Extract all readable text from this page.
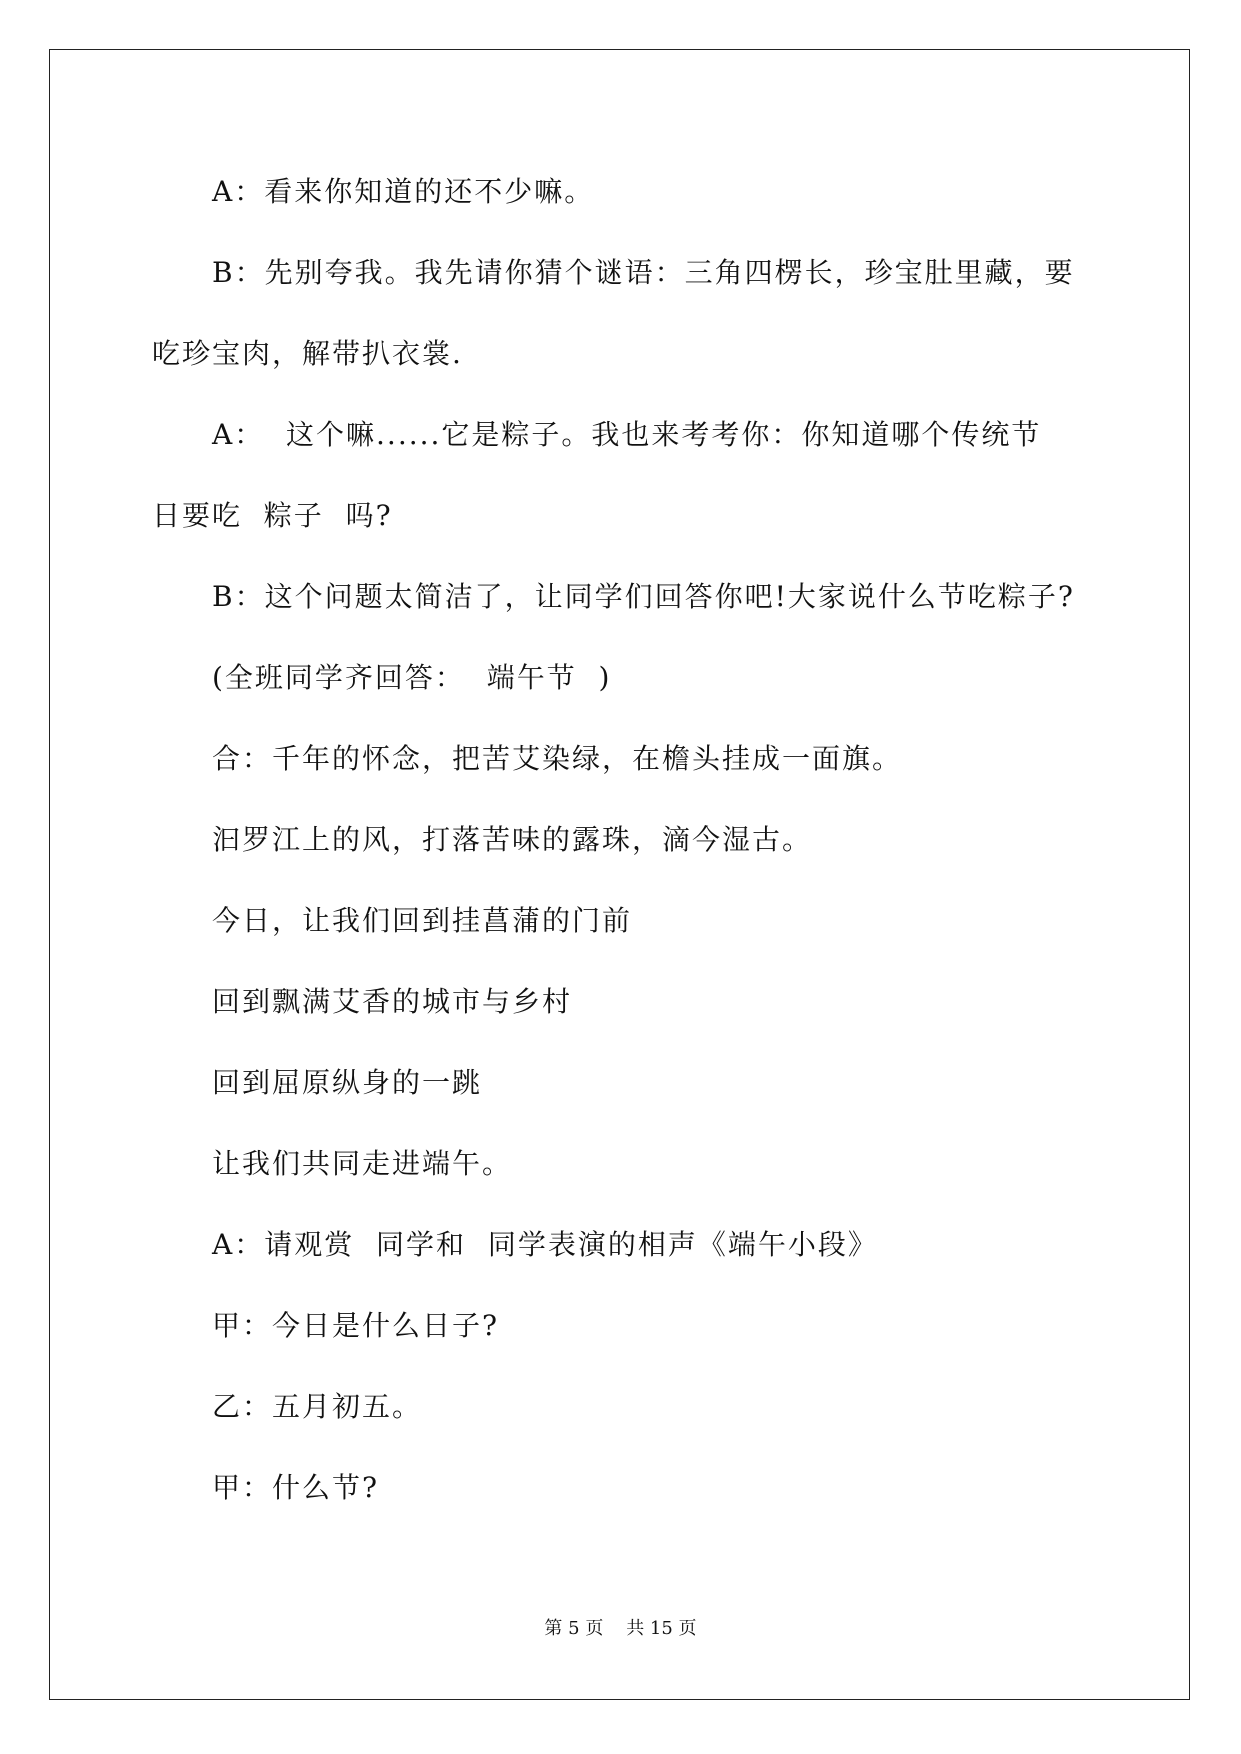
A：看来你知道的还不少嘛。
B：先别夸我。我先请你猜个谜语：三角四楞长，珍宝肚里藏，要
吃珍宝肉，解带扒衣裳.
A：  这个嘛......它是粽子。我也来考考你：你知道哪个传统节
日要吃  粽子  吗?
B：这个问题太简洁了，让同学们回答你吧!大家说什么节吃粽子?
(全班同学齐回答：  端午节  )
合：千年的怀念，把苦艾染绿，在檐头挂成一面旗。
汩罗江上的风，打落苦味的露珠，滴今湿古。
今日，让我们回到挂菖蒲的门前
回到飘满艾香的城市与乡村
回到屈原纵身的一跳
让我们共同走进端午。
A：请观赏  同学和  同学表演的相声《端午小段》
甲：今日是什么日子?
乙：五月初五。
甲：什么节?
第 5 页    共 15 页
